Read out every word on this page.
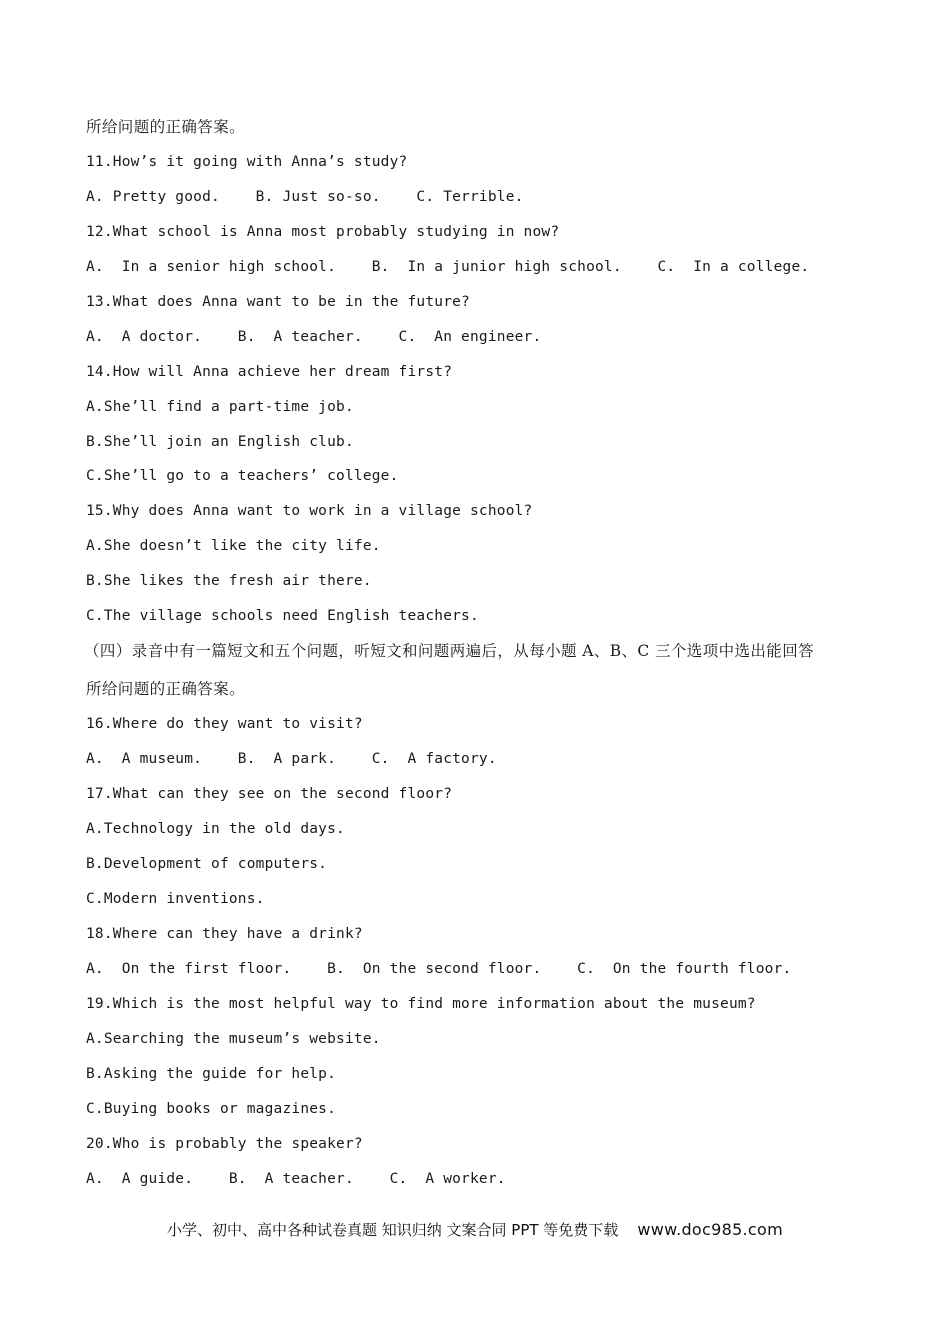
所给问题的正确答案。
11.How’s it going with Anna’s study?
A. Pretty good.    B. Just so-so.    C. Terrible.
12.What school is Anna most probably studying in now?
A.  In a senior high school.    B.  In a junior high school.    C.  In a college.
13.What does Anna want to be in the future?
A.  A doctor.    B.  A teacher.    C.  An engineer.
14.How will Anna achieve her dream first?
A.She’ll find a part-time job.
B.She’ll join an English club.
C.She’ll go to a teachers’ college.
15.Why does Anna want to work in a village school?
A.She doesn’t like the city life.
B.She likes the fresh air there.
C.The village schools need English teachers.
（四）录音中有一篇短文和五个问题，听短文和问题两遍后，从每小题 A、B、C 三个选项中选出能回答
所给问题的正确答案。
16.Where do they want to visit?
A.  A museum.    B.  A park.    C.  A factory.
17.What can they see on the second floor?
A.Technology in the old days.
B.Development of computers.
C.Modern inventions.
18.Where can they have a drink?
A.  On the first floor.    B.  On the second floor.    C.  On the fourth floor.
19.Which is the most helpful way to find more information about the museum?
A.Searching the museum’s website.
B.Asking the guide for help.
C.Buying books or magazines.
20.Who is probably the speaker?
A.  A guide.    B.  A teacher.    C.  A worker.
小学、初中、高中各种试卷真题 知识归纳 文案合同 PPT 等免费下载 www.doc985.com
